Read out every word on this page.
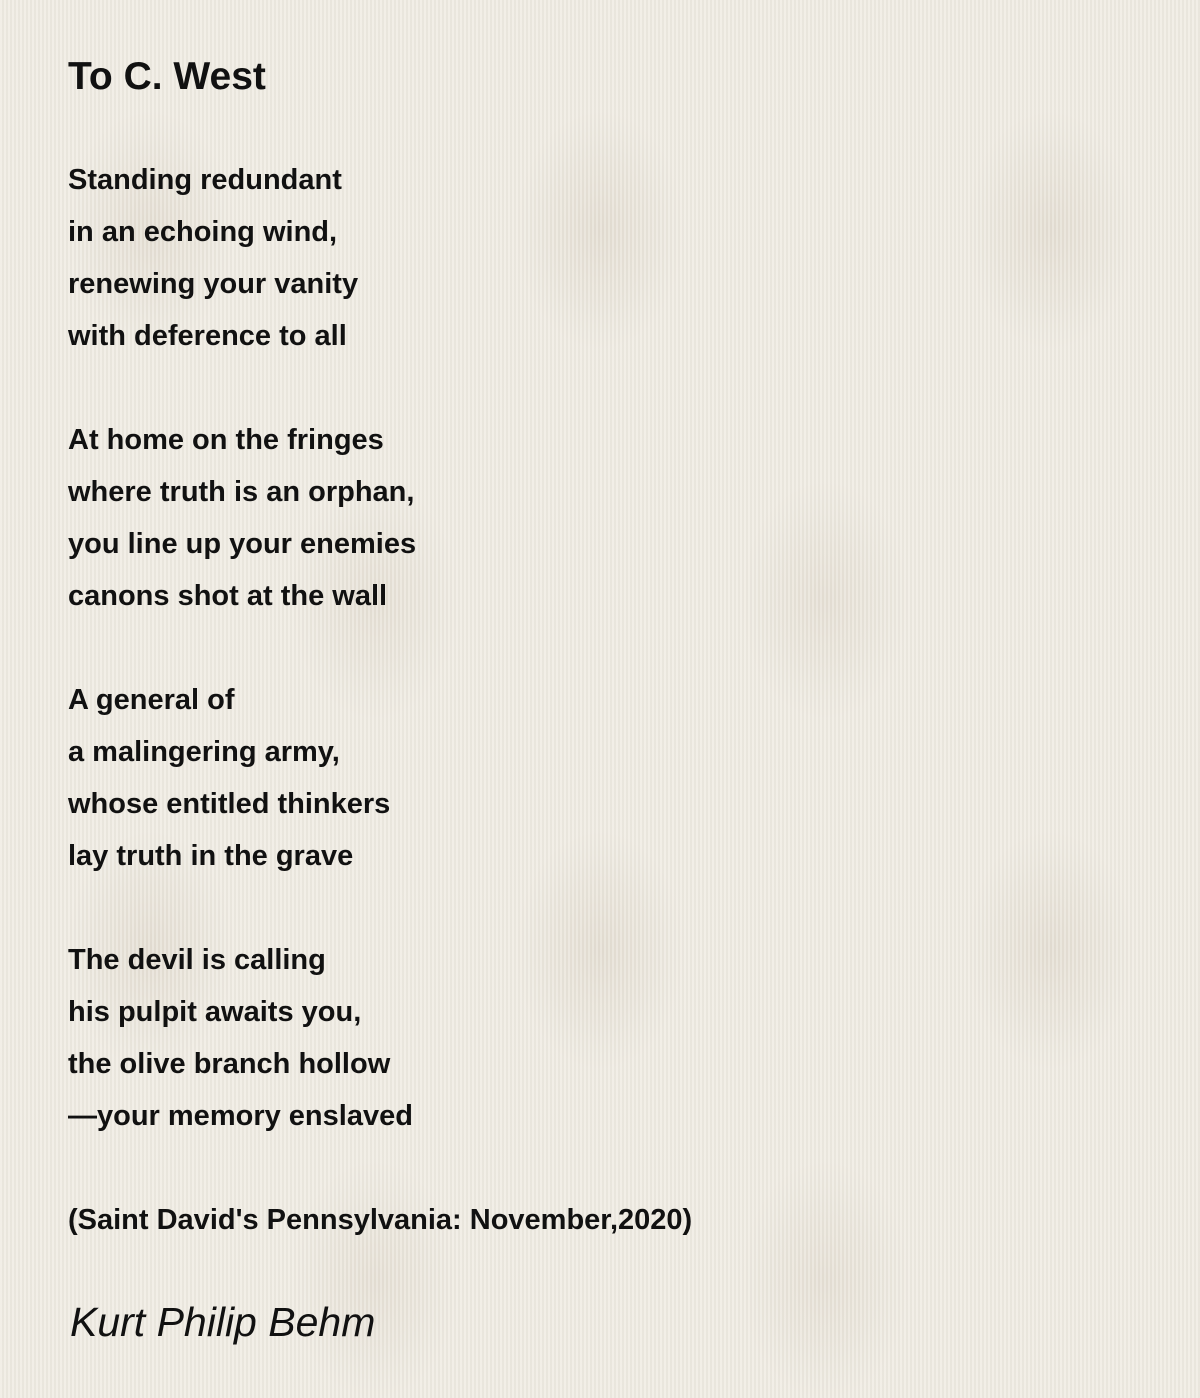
To C. West
Standing redundant
in an echoing wind,
renewing your vanity
with deference to all
At home on the fringes
where truth is an orphan,
you line up your enemies
canons shot at the wall
A general of
a malingering army,
whose entitled thinkers
lay truth in the grave
The devil is calling
his pulpit awaits you,
the olive branch hollow
—your memory enslaved
(Saint David's Pennsylvania: November,2020)
Kurt Philip Behm
